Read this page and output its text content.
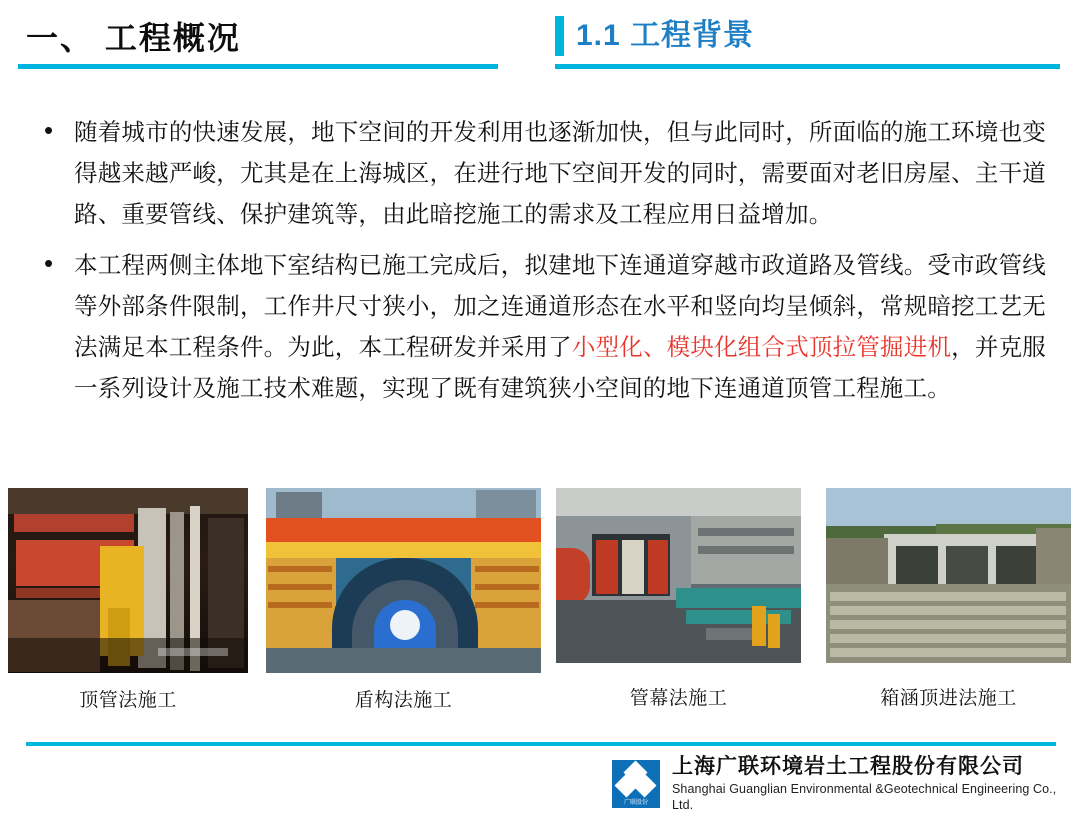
一、 工程概况	1.1 工程背景
• 随着城市的快速发展，地下空间的开发利用也逐渐加快，但与此同时，所面临的施工环境也变得越来越严峻，尤其是在上海城区，在进行地下空间开发的同时，需要面对老旧房屋、主干道路、重要管线、保护建筑等，由此暗挖施工的需求及工程应用日益增加。
• 本工程两侧主体地下室结构已施工完成后，拟建地下连通道穿越市政道路及管线。受市政管线等外部条件限制，工作井尺寸狭小，加之连通道形态在水平和竖向均呈倾斜，常规暗挖工艺无法满足本工程条件。为此，本工程研发并采用了小型化、模块化组合式顶拉管掘进机，并克服一系列设计及施工技术难题，实现了既有建筑狭小空间的地下连通道顶管工程施工。
顶管法施工	盾构法施工	管幕法施工	箱涵顶进法施工
广联股份
上海广联环境岩土工程股份有限公司
Shanghai Guanglian Environmental &Geotechnical Engineering Co., Ltd.
